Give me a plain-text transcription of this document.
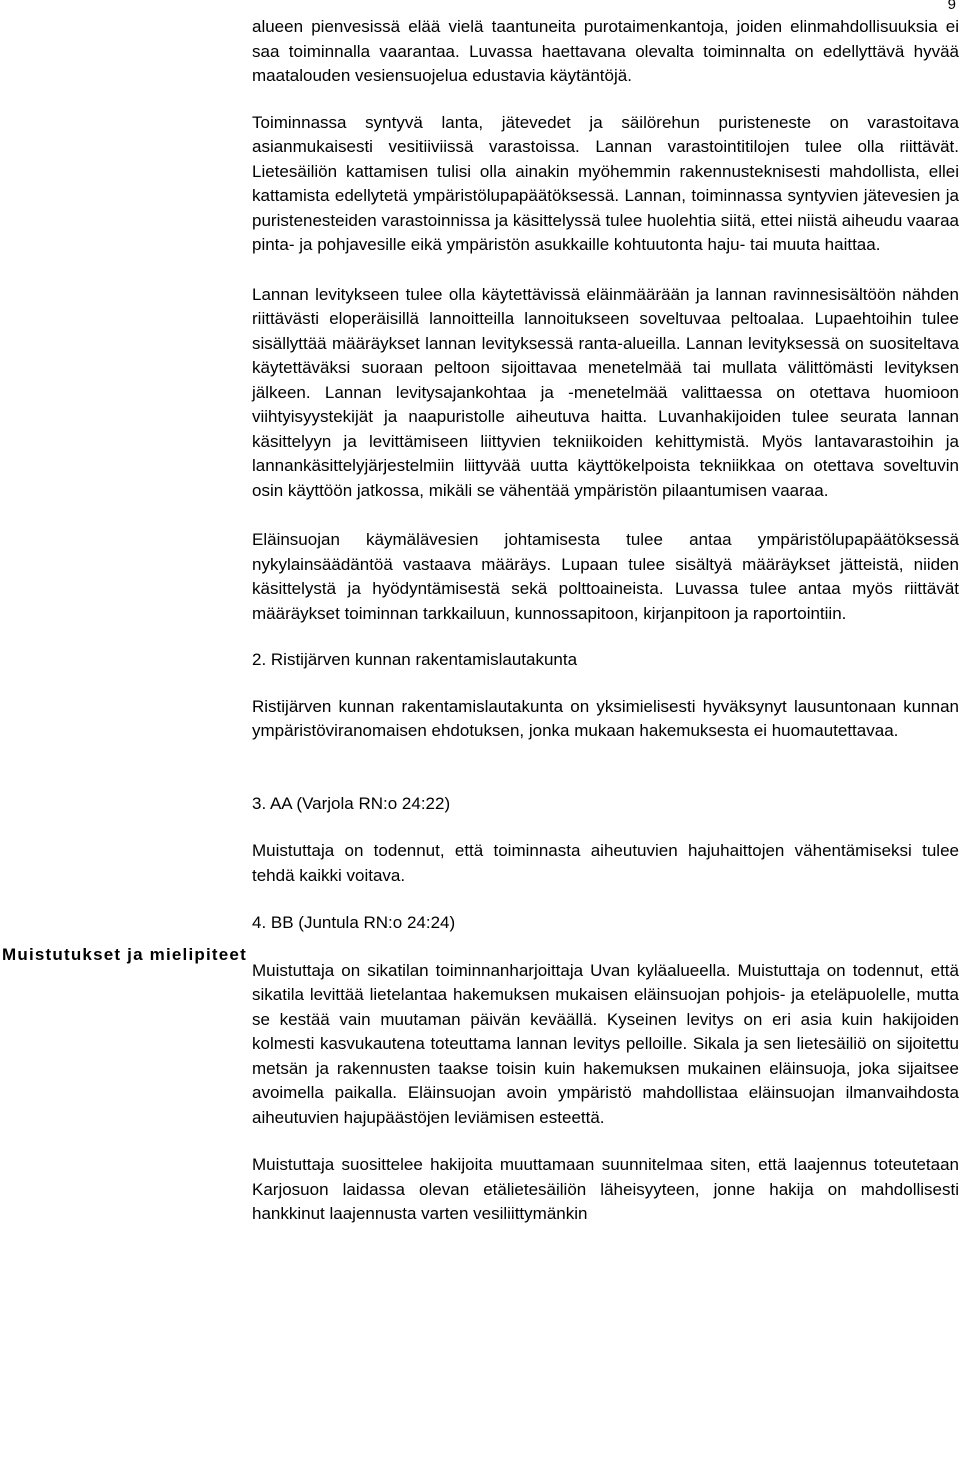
9
Muistutukset ja mielipiteet

alueen pienvesissä elää vielä taantuneita purotaimenkantoja, joiden elinmahdollisuuksia ei saa toiminnalla vaarantaa. Luvassa haettavana olevalta toiminnalta on edellyttävä hyvää maatalouden vesiensuojelua edustavia käytäntöjä.

Toiminnassa syntyvä lanta, jätevedet ja säilörehun puristeneste on varastoitava asianmukaisesti vesitiiviissä varastoissa. Lannan varastointitilojen tulee olla riittävät. Lietesäiliön kattamisen tulisi olla ainakin myöhemmin rakennusteknisesti mahdollista, ellei kattamista edellytetä ympäristölupapäätöksessä. Lannan, toiminnassa syntyvien jätevesien ja puristenesteiden varastoinnissa ja käsittelyssä tulee huolehtia siitä, ettei niistä aiheudu vaaraa pinta- ja pohjavesille eikä ympäristön asukkaille kohtuutonta haju- tai muuta haittaa.

Lannan levitykseen tulee olla käytettävissä eläinmäärään ja lannan ravinnesisältöön nähden riittävästi eloperäisillä lannoitteilla lannoitukseen soveltuvaa peltoalaa. Lupaehtoihin tulee sisällyttää määräykset lannan levityksessä ranta-alueilla. Lannan levityksessä on suositeltava käytettäväksi suoraan peltoon sijoittavaa menetelmää tai mullata välittömästi levityksen jälkeen. Lannan levitysajankohtaa ja -menetelmää valittaessa on otettava huomioon viihtyisyystekijät ja naapuristolle aiheutuva haitta. Luvanhakijoiden tulee seurata lannan käsittelyyn ja levittämiseen liittyvien tekniikoiden kehittymistä. Myös lantavarastoihin ja lannankäsittelyjärjestelmiin liittyvää uutta käyttökelpoista tekniikkaa on otettava soveltuvin osin käyttöön jatkossa, mikäli se vähentää ympäristön pilaantumisen vaaraa.

Eläinsuojan käymälävesien johtamisesta tulee antaa ympäristölupapäätöksessä nykylainsäädäntöä vastaava määräys. Lupaan tulee sisältyä määräykset jätteistä, niiden käsittelystä ja hyödyntämisestä sekä polttoaineista. Luvassa tulee antaa myös riittävät määräykset toiminnan tarkkailuun, kunnossapitoon, kirjanpitoon ja raportointiin.

2. Ristijärven kunnan rakentamislautakunta

Ristijärven kunnan rakentamislautakunta on yksimielisesti hyväksynyt lausuntonaan kunnan ympäristöviranomaisen ehdotuksen, jonka mukaan hakemuksesta ei huomautettavaa.

3. AA (Varjola RN:o 24:22)

Muistuttaja on todennut, että toiminnasta aiheutuvien hajuhaittojen vähentämiseksi tulee tehdä kaikki voitava.

4. BB (Juntula RN:o 24:24)

Muistuttaja on sikatilan toiminnanharjoittaja Uvan kyläalueella. Muistuttaja on todennut, että sikatila levittää lietelantaa hakemuksen mukaisen eläinsuojan pohjois- ja eteläpuolelle, mutta se kestää vain muutaman päivän keväällä. Kyseinen levitys on eri asia kuin hakijoiden kolmesti kasvukautena toteuttama lannan levitys pelloille. Sikala ja sen lietesäiliö on sijoitettu metsän ja rakennusten taakse toisin kuin hakemuksen mukainen eläinsuoja, joka sijaitsee avoimella paikalla. Eläinsuojan avoin ympäristö mahdollistaa eläinsuojan ilmanvaihdosta aiheutuvien hajupäästöjen leviämisen esteettä.

Muistuttaja suosittelee hakijoita muuttamaan suunnitelmaa siten, että laajennus toteutetaan Karjosuon laidassa olevan etälietesäiliön läheisyyteen, jonne hakija on mahdollisesti hankkinut laajennusta varten vesiliittymänkin
